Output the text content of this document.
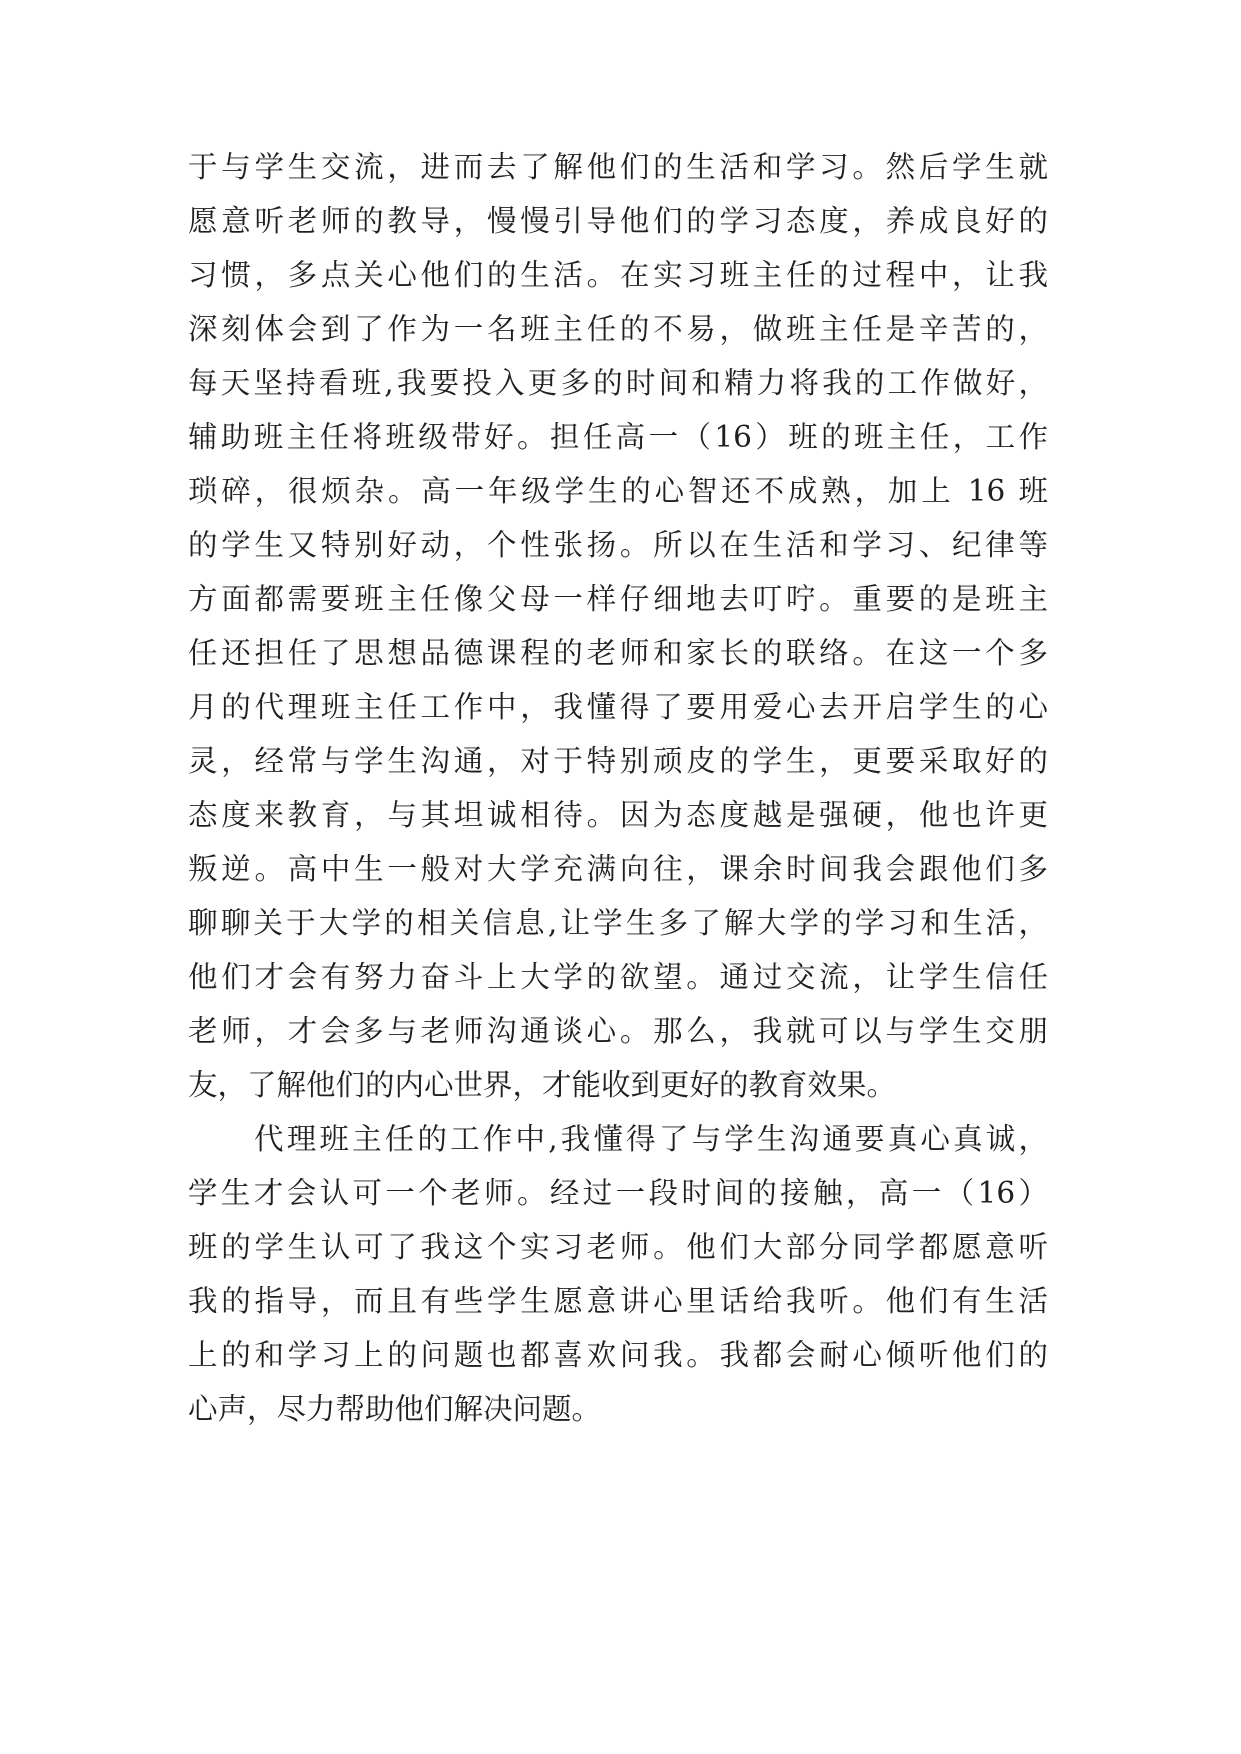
于与学生交流，进而去了解他们的生活和学习。然后学生就
愿意听老师的教导，慢慢引导他们的学习态度，养成良好的
习惯，多点关心他们的生活。在实习班主任的过程中，让我
深刻体会到了作为一名班主任的不易，做班主任是辛苦的，
每天坚持看班,我要投入更多的时间和精力将我的工作做好，
辅助班主任将班级带好。担任高一（16）班的班主任，工作
琐碎，很烦杂。高一年级学生的心智还不成熟，加上 16 班
的学生又特别好动，个性张扬。所以在生活和学习、纪律等
方面都需要班主任像父母一样仔细地去叮咛。重要的是班主
任还担任了思想品德课程的老师和家长的联络。在这一个多
月的代理班主任工作中，我懂得了要用爱心去开启学生的心
灵，经常与学生沟通，对于特别顽皮的学生，更要采取好的
态度来教育，与其坦诚相待。因为态度越是强硬，他也许更
叛逆。高中生一般对大学充满向往，课余时间我会跟他们多
聊聊关于大学的相关信息,让学生多了解大学的学习和生活，
他们才会有努力奋斗上大学的欲望。通过交流，让学生信任
老师，才会多与老师沟通谈心。那么，我就可以与学生交朋
友，了解他们的内心世界，才能收到更好的教育效果。
代理班主任的工作中,我懂得了与学生沟通要真心真诚，
学生才会认可一个老师。经过一段时间的接触，高一（16）
班的学生认可了我这个实习老师。他们大部分同学都愿意听
我的指导，而且有些学生愿意讲心里话给我听。他们有生活
上的和学习上的问题也都喜欢问我。我都会耐心倾听他们的
心声，尽力帮助他们解决问题。
